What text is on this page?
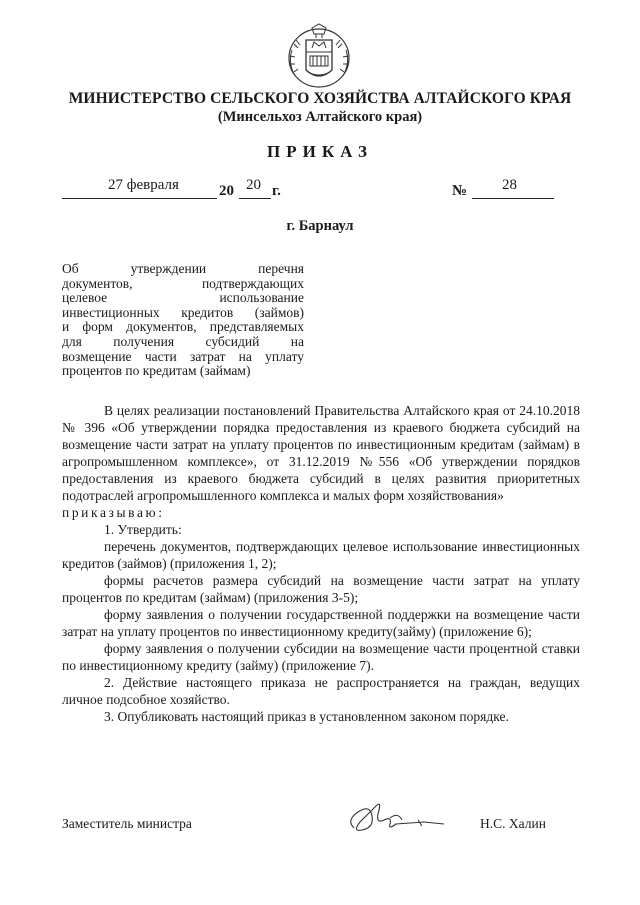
МИНИСТЕРСТВО СЕЛЬСКОГО ХОЗЯЙСТВА АЛТАЙСКОГО КРАЯ
(Минсельхоз Алтайского края)
ПРИКАЗ
27 февраля	20 20 г.	№ 28
г. Барнаул
Об утверждении перечня
документов, подтверждающих
целевое использование
инвестиционных кредитов (займов)
и форм документов, представляемых
для получения субсидий на
возмещение части затрат на уплату
процентов по кредитам (займам)
В целях реализации постановлений Правительства Алтайского края от 24.10.2018 № 396 «Об утверждении порядка предоставления из краевого бюджета субсидий на возмещение части затрат на уплату процентов по инвестиционным кредитам (займам) в агропромышленном комплексе», от 31.12.2019 №556 «Об утверждении порядков предоставления из краевого бюджета субсидий в целях развития приоритетных подотраслей агропромышленного комплекса и малых форм хозяйствования»
приказываю:
1. Утвердить:
перечень документов, подтверждающих целевое использование инвестиционных кредитов (займов) (приложения 1, 2);
формы расчетов размера субсидий на возмещение части затрат на уплату процентов по кредитам (займам) (приложения 3-5);
форму заявления о получении государственной поддержки на возмещение части затрат на уплату процентов по инвестиционному кредиту(займу) (приложение 6);
форму заявления о получении субсидии на возмещение части процентной ставки по инвестиционному кредиту (займу) (приложение 7).
2. Действие настоящего приказа не распространяется на граждан, ведущих личное подсобное хозяйство.
3. Опубликовать настоящий приказ в установленном законом порядке.
Заместитель министра	Н.С. Халин
